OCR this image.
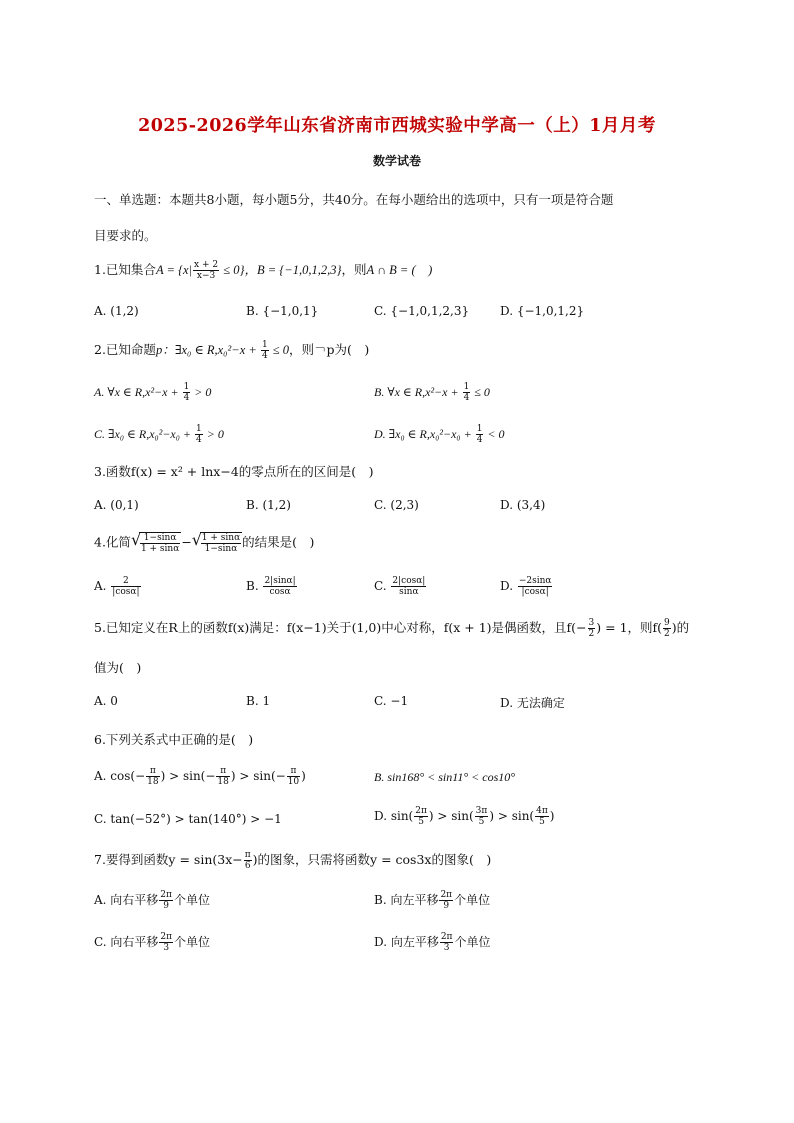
2025-2026学年山东省济南市西城实验中学高一（上）1月月考
数学试卷
一、单选题：本题共8小题，每小题5分，共40分。在每小题给出的选项中，只有一项是符合题
目要求的。
1.已知集合$A = \{x| \frac{x + 2}{x-3} \le 0\}$，B = {−1,0,1,2,3}，则A ∩ B = (　)
A. (1,2)	B. {−1,0,1}	C. {−1,0,1,2,3}	D. {−1,0,1,2}
2.已知命题p：∃x₀ ∈ $R,x_0^2-x + \frac{1}{4} \le 0$，则￢p为(　)
A. ∀x ∈ $R,x^2-x + \frac{1}{4} > 0$	B. ∀x ∈ $R,x^2-x + \frac{1}{4} \le 0$
C. ∃x₀ ∈ $R,x_0^2-x_0 + \frac{1}{4} > 0$	D. ∃x₀ ∈ $R,x_0^2-x_0 + \frac{1}{4} < 0$
3.函数f(x) = x² + lnx−4的零点所在的区间是(　)
A. (0,1)	B. (1,2)	C. (2,3)	D. (3,4)
4.化简 √ $\frac{1-\sin\alpha}{1 + \sin\alpha}$ − √ $\frac{1 + \sin\alpha}{1-\sin\alpha}$ 的结果是(　)
A. $\frac{2}{|\cos\alpha|}$	B. $\frac{2|\sin\alpha|}{\cos\alpha}$	C. $\frac{2|\cos\alpha|}{\sin\alpha}$	D. $\frac{-2\sin\alpha}{|\cos\alpha|}$
5.已知定义在R上的函数f(x)满足：f(x−1)关于(1,0)中心对称，f(x + 1)是偶函数，且$f(- \frac{3}{2}$ ) = 1，则$f( \frac{9}{2}$ )的
值为(　)
A. 0	B. 1	C. −1	D. 无法确定
6.下列关系式中正确的是(　)
A. $\cos(- \frac{\pi}{18}$ ) > $\sin(- \frac{\pi}{18}$ ) > $\sin(- \frac{\pi}{10}$ )	B. sin168° < sin11° < cos10°
C. tan(−52°) > tan(140°) > −1	D. $\sin( \frac{2\pi}{5}$ ) > $\sin( \frac{3\pi}{5}$ ) > $\sin( \frac{4\pi}{5}$ )
7.要得到函数$y = \sin(3x- \frac{\pi}{6}$ )的图象，只需将函数y = cos3x的图象(　)
A. 向右平移 $\frac{2\pi}{9}$ 个单位	B. 向左平移 $\frac{2\pi}{9}$ 个单位
C. 向右平移 $\frac{2\pi}{3}$ 个单位	D. 向左平移 $\frac{2\pi}{3}$ 个单位
